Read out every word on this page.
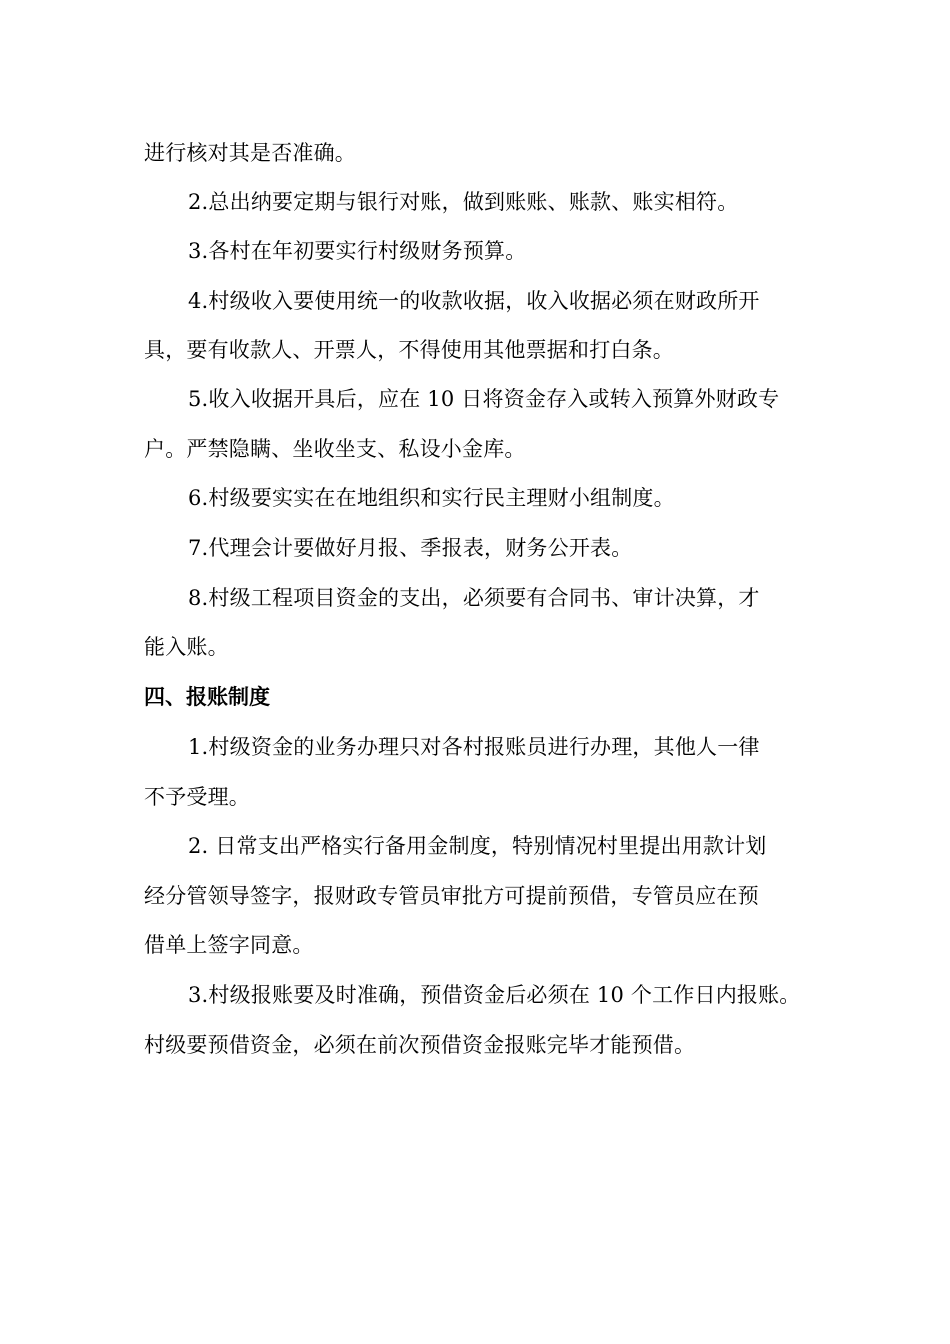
进行核对其是否准确。
2.总出纳要定期与银行对账，做到账账、账款、账实相符。
3.各村在年初要实行村级财务预算。
4.村级收入要使用统一的收款收据，收入收据必须在财政所开
具，要有收款人、开票人，不得使用其他票据和打白条。
5.收入收据开具后，应在 10 日将资金存入或转入预算外财政专
户。严禁隐瞒、坐收坐支、私设小金库。
6.村级要实实在在地组织和实行民主理财小组制度。
7.代理会计要做好月报、季报表，财务公开表。
8.村级工程项目资金的支出，必须要有合同书、审计决算，才
能入账。
四、报账制度
1.村级资金的业务办理只对各村报账员进行办理，其他人一律
不予受理。
2. 日常支出严格实行备用金制度，特别情况村里提出用款计划
经分管领导签字，报财政专管员审批方可提前预借，专管员应在预
借单上签字同意。
3.村级报账要及时准确，预借资金后必须在 10 个工作日内报账。
村级要预借资金，必须在前次预借资金报账完毕才能预借。
